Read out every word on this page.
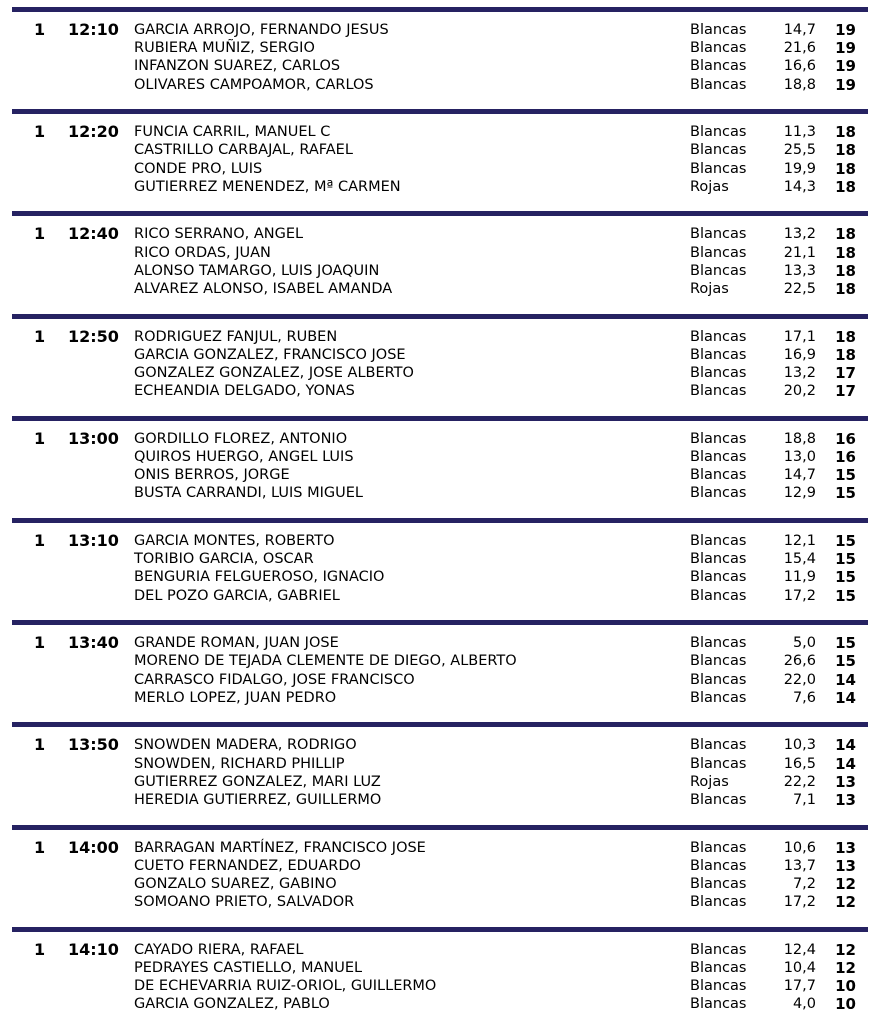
1 12:10	GARCIA ARROJO, FERNANDO JESUS	Blancas	14,7	19
RUBIERA MUÑIZ, SERGIO	Blancas	21,6	19
INFANZON SUAREZ, CARLOS	Blancas	16,6	19
OLIVARES CAMPOAMOR, CARLOS	Blancas	18,8	19
1 12:20	FUNCIA CARRIL, MANUEL C	Blancas	11,3	18
CASTRILLO CARBAJAL, RAFAEL	Blancas	25,5	18
CONDE PRO, LUIS	Blancas	19,9	18
GUTIERREZ MENENDEZ, Mª CARMEN	Rojas	14,3	18
1 12:40	RICO SERRANO, ANGEL	Blancas	13,2	18
RICO ORDAS, JUAN	Blancas	21,1	18
ALONSO TAMARGO, LUIS JOAQUIN	Blancas	13,3	18
ALVAREZ ALONSO, ISABEL AMANDA	Rojas	22,5	18
1 12:50	RODRIGUEZ FANJUL, RUBEN	Blancas	17,1	18
GARCIA GONZALEZ, FRANCISCO JOSE	Blancas	16,9	18
GONZALEZ GONZALEZ, JOSE ALBERTO	Blancas	13,2	17
ECHEANDIA DELGADO, YONAS	Blancas	20,2	17
1 13:00	GORDILLO FLOREZ, ANTONIO	Blancas	18,8	16
QUIROS HUERGO, ANGEL LUIS	Blancas	13,0	16
ONIS BERROS, JORGE	Blancas	14,7	15
BUSTA CARRANDI, LUIS MIGUEL	Blancas	12,9	15
1 13:10	GARCIA MONTES, ROBERTO	Blancas	12,1	15
TORIBIO GARCIA, OSCAR	Blancas	15,4	15
BENGURIA FELGUEROSO, IGNACIO	Blancas	11,9	15
DEL POZO GARCIA, GABRIEL	Blancas	17,2	15
1 13:40	GRANDE ROMAN, JUAN JOSE	Blancas	5,0	15
MORENO DE TEJADA CLEMENTE DE DIEGO, ALBERTO	Blancas	26,6	15
CARRASCO FIDALGO, JOSE FRANCISCO	Blancas	22,0	14
MERLO LOPEZ, JUAN PEDRO	Blancas	7,6	14
1 13:50	SNOWDEN MADERA, RODRIGO	Blancas	10,3	14
SNOWDEN, RICHARD PHILLIP	Blancas	16,5	14
GUTIERREZ GONZALEZ, MARI LUZ	Rojas	22,2	13
HEREDIA GUTIERREZ, GUILLERMO	Blancas	7,1	13
1 14:00	BARRAGAN MARTÍNEZ, FRANCISCO JOSE	Blancas	10,6	13
CUETO FERNANDEZ, EDUARDO	Blancas	13,7	13
GONZALO SUAREZ, GABINO	Blancas	7,2	12
SOMOANO PRIETO, SALVADOR	Blancas	17,2	12
1 14:10	CAYADO RIERA, RAFAEL	Blancas	12,4	12
PEDRAYES CASTIELLO, MANUEL	Blancas	10,4	12
DE ECHEVARRIA RUIZ-ORIOL, GUILLERMO	Blancas	17,7	10
GARCIA GONZALEZ, PABLO	Blancas	4,0	10
